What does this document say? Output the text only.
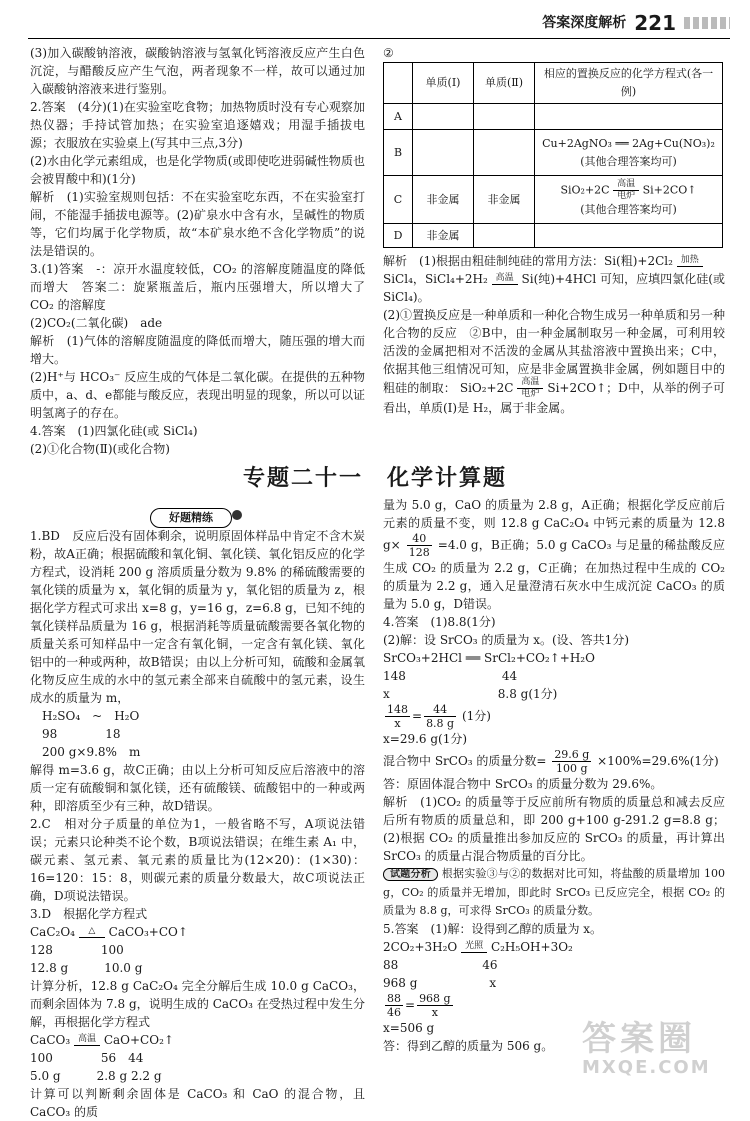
答案深度解析 221

(3)加入碳酸钠溶液，碳酸钠溶液与氢氧化钙溶液反应产生白色沉淀，与醋酸反应产生气泡，两者现象不一样，故可以通过加入碳酸钠溶液来进行鉴别。

2.答案　(4分)(1)在实验室吃食物；加热物质时没有专心观察加热仪器；手持试管加热；在实验室追逐嬉戏；用湿手插拔电源；衣服放在实验桌上(写其中三点,3分)

(2)水由化学元素组成，也是化学物质(或即使吃进弱碱性物质也会被胃酸中和)(1分)

解析　(1)实验室规则包括：不在实验室吃东西，不在实验室打闹，不能湿手插拔电源等。(2)矿泉水中含有水，呈碱性的物质等，它们均属于化学物质，故“本矿泉水绝不含化学物质”的说法是错误的。

3.(1)答案　-：凉开水温度较低，CO₂ 的溶解度随温度的降低而增大　答案二：旋紧瓶盖后，瓶内压强增大，所以增大了 CO₂ 的溶解度

(2)CO₂(二氧化碳)　ade

解析　(1)气体的溶解度随温度的降低而增大，随压强的增大而增大。

(2)H⁺与 HCO₃⁻ 反应生成的气体是二氧化碳。在提供的五种物质中，a、d、e都能与酸反应，表现出明显的现象，所以可以证明氢离子的存在。

4.答案　(1)四氯化硅(或 SiCl₄)

(2)①化合物(Ⅱ)(或化合物)

②
	单质(Ⅰ)	单质(Ⅱ)	相应的置换反应的化学方程式(各一例)
A			
B			Cu+2AgNO₃ ══ 2Ag+Cu(NO₃)₂
(其他合理答案均可)

C	非金属	非金属	SiO₂+2C 高温
电炉 Si+2CO↑
(其他合理答案均可)

D	非金属		

解析　(1)根据由粗硅制纯硅的常用方法：Si(粗)+2Cl₂ 加热

SiCl₄，SiCl₄+2H₂ 高温 Si(纯)+4HCl 可知，应填四氯化硅(或 SiCl₄)。

(2)①置换反应是一种单质和一种化合物生成另一种单质和另一种化合物的反应　②B中，由一种金属制取另一种金属，可利用较活泼的金属把相对不活泼的金属从其盐溶液中置换出来；C中，依据其他三组情况可知，应是非金属置换非金属，例如题目中的粗硅的制取： SiO₂+2C 高温
电炉 Si+2CO↑；D中，从举的例子可看出，单质(Ⅰ)是 H₂，属于非金属。

专题二十一　化学计算题
好题精练

1.BD　反应后没有固体剩余，说明原固体样品中肯定不含木炭粉，故A正确；根据硫酸和氧化铜、氧化镁、氧化铝反应的化学方程式，设消耗 200 g 溶质质量分数为 9.8% 的稀硫酸需要的氧化镁的质量为 x，氧化铜的质量为 y，氧化铝的质量为 z，根据化学方程式可求出 x=8 g，y=16 g，z=6.8 g，已知不纯的氧化镁样品质量为 16 g，根据消耗等质量硫酸需要各氧化物的质量关系可知样品中一定含有氧化铜，一定含有氧化镁、氧化铝中的一种或两种，故B错误；由以上分析可知，硫酸和金属氧化物反应生成的水中的氢元素全部来自硫酸中的氢元素，设生成水的质量为 m，

H₂SO₄　~　H₂O
98　　　　18
200 g×9.8%　m

解得 m=3.6 g，故C正确；由以上分析可知反应后溶液中的溶质一定有硫酸铜和氯化镁，还有硫酸镁、硫酸铝中的一种或两种，即溶质至少有三种，故D错误。

2.C　相对分子质量的单位为1，一般省略不写，A项说法错误；元素只论种类不论个数，B项说法错误；在维生素 A₁ 中，碳元素、氢元素、氧元素的质量比为(12×20)：(1×30)：16=120：15：8，则碳元素的质量分数最大，故C项说法正确，D项说法错误。

3.D　根据化学方程式

CaC₂O₄	△	CaCO₃+CO↑
128　　　　100
12.8 g　　　10.0 g

计算分析，12.8 g CaC₂O₄ 完全分解后生成 10.0 g CaCO₃，而剩余固体为 7.8 g，说明生成的 CaCO₃ 在受热过程中发生分解，再根据化学方程式

CaCO₃ 高温 CaO+CO₂↑
100　　　　56　44
5.0 g　　　2.8 g 2.2 g

计算可以判断剩余固体是 CaCO₃ 和 CaO 的混合物，且 CaCO₃ 的质

量为 5.0 g，CaO 的质量为 2.8 g，A正确；根据化学反应前后元素的质量不变，则 12.8 g CaC₂O₄ 中钙元素的质量为 12.8 $g\times \frac{40}{128} =4.0$ g，B正确；5.0 g CaCO₃ 与足量的稀盐酸反应生成 CO₂ 的质量为 2.2 g，C正确；在加热过程中生成的 CO₂ 的质量为 2.2 g，通入足量澄清石灰水中生成沉淀 CaCO₃ 的质量为 5.0 g，D错误。

4.答案　(1)8.8(1分)
(2)解：设 SrCO₃ 的质量为 x。(设、答共1分)
SrCO₃+2HCl ══ SrCl₂+CO₂↑+H₂O
148　　　　　　　　44
x　　　　　　　　　8.8 g(1分)
$\frac{148}{x} = \frac{44}{8.8 g} (1$分)
x=29.6 g(1分)
混合物中 SrCO₃ 的质量分数= $\frac{29.6 g}{100 g} \times 100\%=29.6\%(1$分)
答：原固体混合物中 SrCO₃ 的质量分数为 29.6%。

解析　(1)CO₂ 的质量等于反应前所有物质的质量总和减去反应后所有物质的质量总和，即 200 g+100 g-291.2 g=8.8 g；(2)根据 CO₂ 的质量推出参加反应的 SrCO₃ 的质量，再计算出 SrCO₃ 的质量占混合物质量的百分比。

试题分析 根据实验③与②的数据对比可知，将盐酸的质量增加 100 g，CO₂ 的质量并无增加，即此时 SrCO₃ 已反应完全，根据 CO₂ 的质量为 8.8 g，可求得 SrCO₃ 的质量分数。

5.答案　(1)解：设得到乙醇的质量为 x。
2CO₂+3H₂O 光照 C₂H₅OH+3O₂
88　　　　　　　46
968 g　　　　　　x
$\frac{88}{46} = \frac{968 g}{x}$
x=506 g
答：得到乙醇的质量为 506 g。 答案圈
MXQE.COM
